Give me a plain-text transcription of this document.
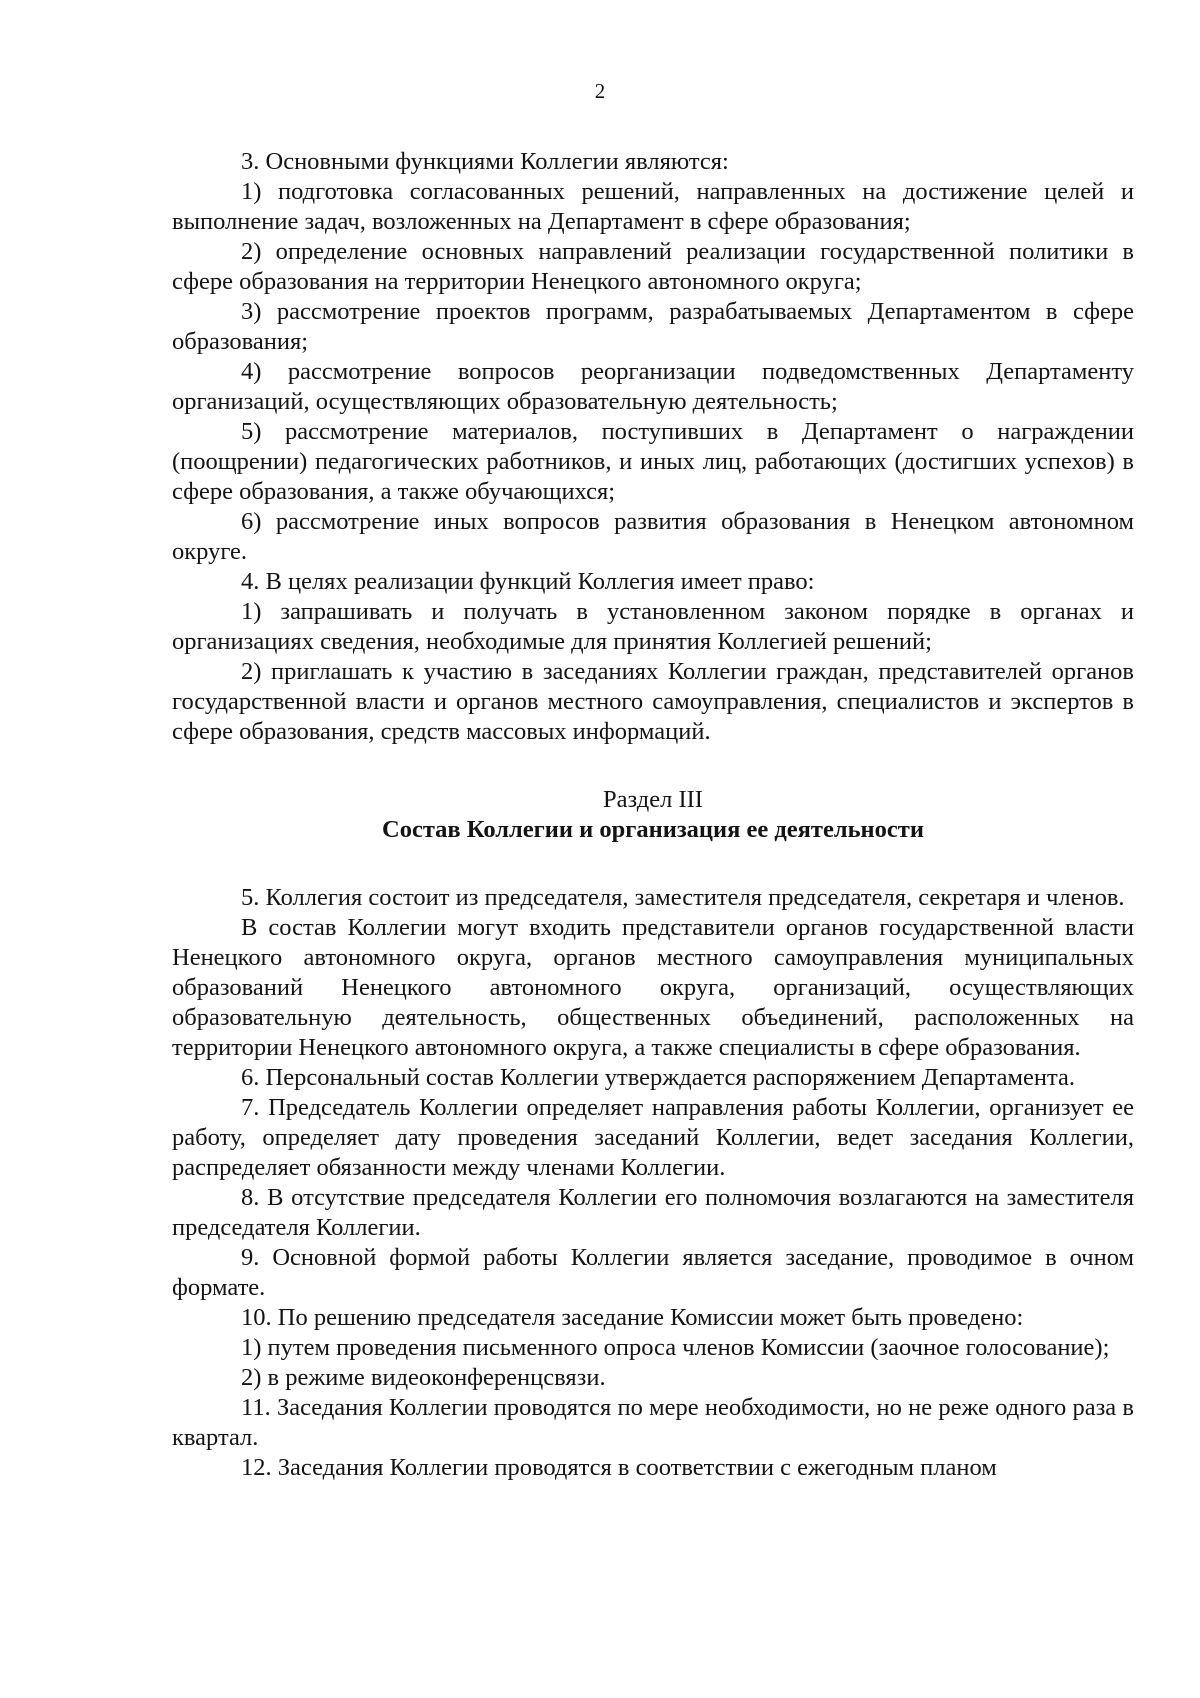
2

3. Основными функциями Коллегии являются:

1) подготовка согласованных решений, направленных на достижение целей и выполнение задач, возложенных на Департамент в сфере образования;

2) определение основных направлений реализации государственной политики в сфере образования на территории Ненецкого автономного округа;

3) рассмотрение проектов программ, разрабатываемых Департаментом в сфере образования;

4) рассмотрение вопросов реорганизации подведомственных Департаменту организаций, осуществляющих образовательную деятельность;

5) рассмотрение материалов, поступивших в Департамент о награждении (поощрении) педагогических работников, и иных лиц, работающих (достигших успехов) в сфере образования, а также обучающихся;

6) рассмотрение иных вопросов развития образования в Ненецком автономном округе.

4. В целях реализации функций Коллегия имеет право:

1) запрашивать и получать в установленном законом порядке в органах и организациях сведения, необходимые для принятия Коллегией решений;

2) приглашать к участию в заседаниях Коллегии граждан, представителей органов государственной власти и органов местного самоуправления, специалистов и экспертов в сфере образования, средств массовых информаций.

Раздел III
Состав Коллегии и организация ее деятельности

5. Коллегия состоит из председателя, заместителя председателя, секретаря и членов.

В состав Коллегии могут входить представители органов государственной власти Ненецкого автономного округа, органов местного самоуправления муниципальных образований Ненецкого автономного округа, организаций, осуществляющих образовательную деятельность, общественных объединений, расположенных на территории Ненецкого автономного округа, а также специалисты в сфере образования.

6. Персональный состав Коллегии утверждается распоряжением Департамента.

7. Председатель Коллегии определяет направления работы Коллегии, организует ее работу, определяет дату проведения заседаний Коллегии, ведет заседания Коллегии, распределяет обязанности между членами Коллегии.

8. В отсутствие председателя Коллегии его полномочия возлагаются на заместителя председателя Коллегии.

9. Основной формой работы Коллегии является заседание, проводимое в очном формате.

10. По решению председателя заседание Комиссии может быть проведено:

1) путем проведения письменного опроса членов Комиссии (заочное голосование);

2) в режиме видеоконференцсвязи.

11. Заседания Коллегии проводятся по мере необходимости, но не реже одного раза в квартал.

12. Заседания Коллегии проводятся в соответствии с ежегодным планом
